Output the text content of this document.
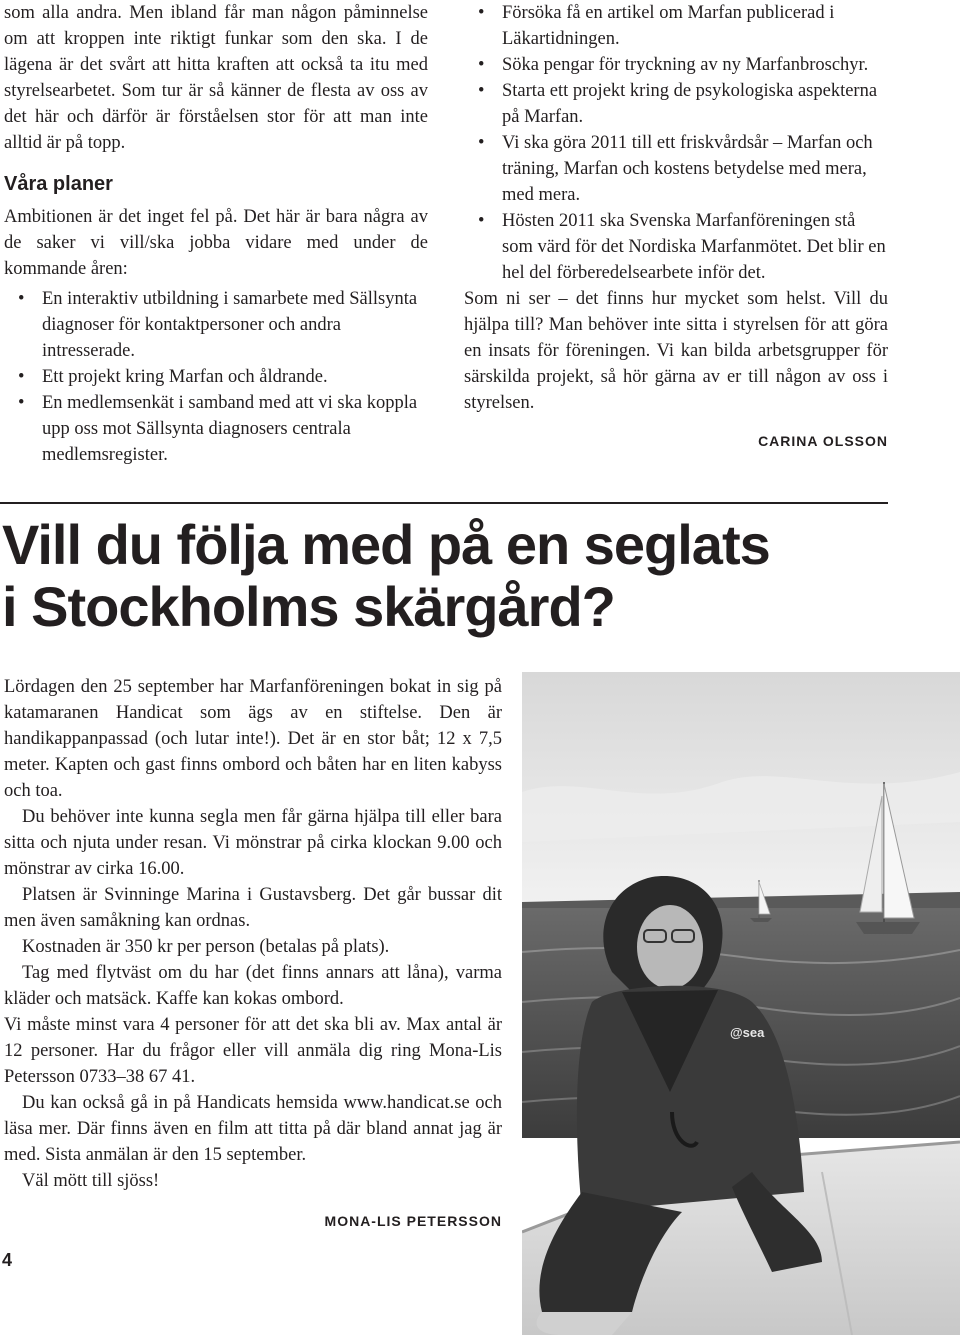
som alla andra. Men ibland får man någon påminnelse om att kroppen inte riktigt funkar som den ska. I de lägena är det svårt att hitta kraften att också ta itu med styrelsearbetet. Som tur är så känner de flesta av oss av det här och därför är förståelsen stor för att man inte alltid är på topp.

Våra planer

Ambitionen är det inget fel på. Det här är bara några av de saker vi vill/ska jobba vidare med under de kommande åren:

• En interaktiv utbildning i samarbete med Sällsynta diagnoser för kontaktpersoner och andra intresserade.
• Ett projekt kring Marfan och åldrande.
• En medlemsenkät i samband med att vi ska koppla upp oss mot Sällsynta diagnosers centrala medlemsregister.
• Försöka få en artikel om Marfan publicerad i Läkartidningen.
• Söka pengar för tryckning av ny Marfanbroschyr.
• Starta ett projekt kring de psykologiska aspekterna på Marfan.
• Vi ska göra 2011 till ett friskvårdsår – Marfan och träning, Marfan och kostens betydelse med mera, med mera.
• Hösten 2011 ska Svenska Marfanföreningen stå som värd för det Nordiska Marfanmötet. Det blir en hel del förberedelsearbete inför det.

Som ni ser – det finns hur mycket som helst. Vill du hjälpa till? Man behöver inte sitta i styrelsen för att göra en insats för föreningen. Vi kan bilda arbetsgrupper för särskilda projekt, så hör gärna av er till någon av oss i styrelsen.

CARINA OLSSON
Vill du följa med på en seglats
i Stockholms skärgård?

Lördagen den 25 september har Marfanföreningen bokat in sig på katamaranen Handicat som ägs av en stiftelse. Den är handikappanpassad (och lutar inte!). Det är en stor båt; 12 x 7,5 meter. Kapten och gast finns ombord och båten har en liten kabyss och toa.

Du behöver inte kunna segla men får gärna hjälpa till eller bara sitta och njuta under resan. Vi mönstrar på cirka klockan 9.00 och mönstrar av cirka 16.00.

Platsen är Svinninge Marina i Gustavsberg. Det går bussar dit men även samåkning kan ordnas.

Kostnaden är 350 kr per person (betalas på plats).

Tag med flytväst om du har (det finns annars att låna), varma kläder och matsäck. Kaffe kan kokas ombord.

Vi måste minst vara 4 personer för att det ska bli av. Max antal är 12 personer. Har du frågor eller vill anmäla dig ring Mona-Lis Petersson 0733–38 67 41.

Du kan också gå in på Handicats hemsida www.handicat.se och läsa mer. Där finns även en film att titta på där bland annat jag är med. Sista anmälan är den 15 september.

Väl mött till sjöss!

MONA-LIS PETERSSON
@sea
4
